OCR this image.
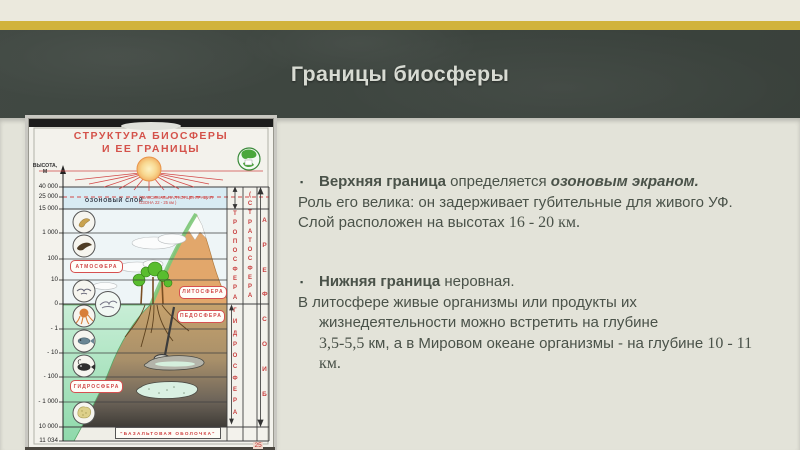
Границы биосферы
СТРУКТУРА БИОСФЕРЫ
И ЕЕ ГРАНИЦЫ
ВЫСОТА,
М
40 000
25 000
15 000
1 000
100
10
0
- 1
- 10
- 100
- 1 000
10 000
11 034
ОЗОНОВЫЙ СЛОЙ
( МАКСИМАЛЬНАЯ КОНЦЕНТРАЦИЯ
ОЗОНА 22 - 25 км )
АТМОСФЕРА
ЛИТОСФЕРА
ПЕДОСФЕРА
ГИДРОСФЕРА
"БАЗАЛЬТОВАЯ ОБОЛОЧКА"
Т Р О П О С Ф Е Р А
Г И Д Р О С Ф Е Р А
( С Т Р А Т О С Ф Е Р А
А Р Е Ф С О И Б
25
▪	Верхняя граница определяется озоновым экраном.
Роль его велика: он задерживает губительные для живого УФ.
Слой расположен на высотах 16 - 20 км.
▪	Нижняя граница неровная.
В литосфере живые организмы или продукты их
жизнедеятельности можно встретить на глубине
3,5-5,5 км, а в Мировом океане организмы - на глубине 10 - 11
км.
